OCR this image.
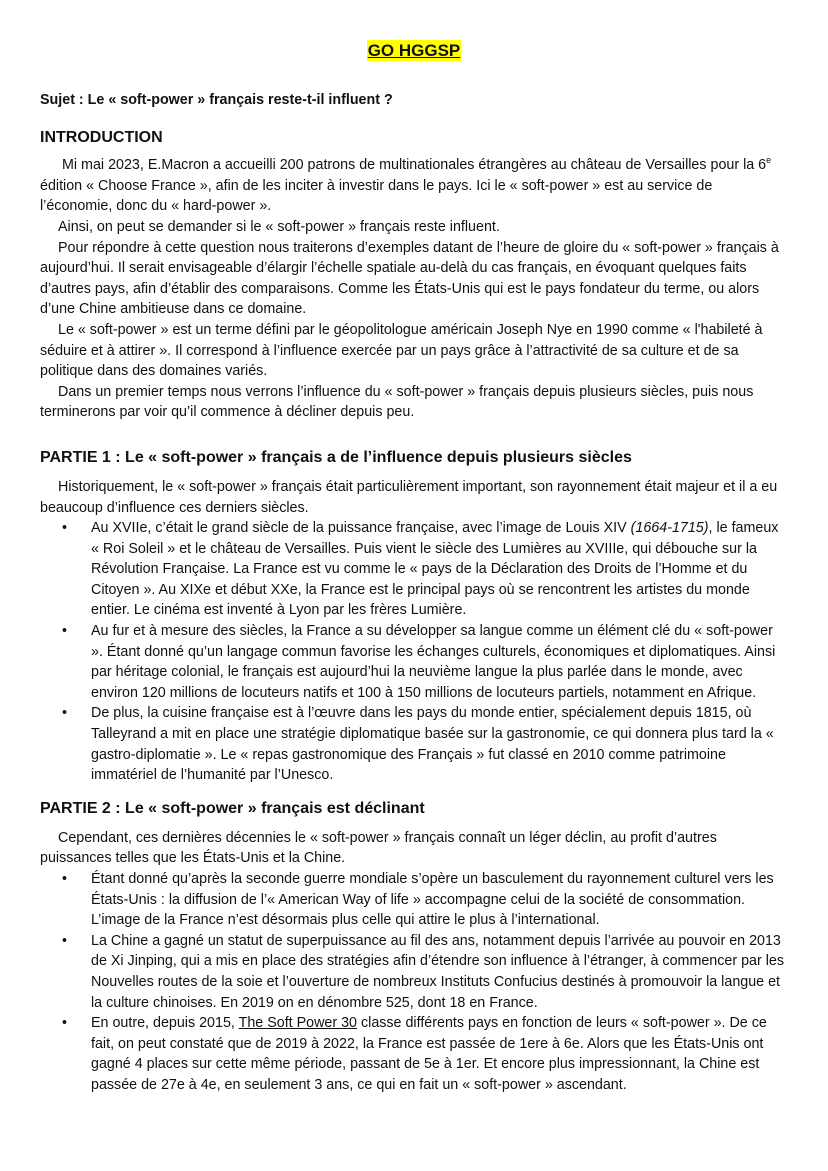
GO HGGSP

Sujet : Le « soft-power » français reste-t-il influent ?

INTRODUCTION

Mi mai 2023, E.Macron a accueilli 200 patrons de multinationales étrangères au château de Versailles pour la 6e édition « Choose France », afin de les inciter à investir dans le pays. Ici le « soft-power » est au service de l’économie, donc du « hard-power ».

Ainsi, on peut se demander si le « soft-power » français reste influent.

Pour répondre à cette question nous traiterons d’exemples datant de l’heure de gloire du « soft-power » français à aujourd’hui. Il serait envisageable d’élargir l’échelle spatiale au-delà du cas français, en évoquant quelques faits d’autres pays, afin d’établir des comparaisons. Comme les États-Unis qui est le pays fondateur du terme, ou alors d’une Chine ambitieuse dans ce domaine.

Le « soft-power » est un terme défini par le géopolitologue américain Joseph Nye en 1990 comme « l'habileté à séduire et à attirer ». Il correspond à l’influence exercée par un pays grâce à l’attractivité de sa culture et de sa politique dans des domaines variés.

Dans un premier temps nous verrons l’influence du « soft-power » français depuis plusieurs siècles, puis nous terminerons par voir qu’il commence à décliner depuis peu.

PARTIE 1 : Le « soft-power » français a de l’influence depuis plusieurs siècles

Historiquement, le « soft-power » français était particulièrement important, son rayonnement était majeur et il a eu beaucoup d’influence ces derniers siècles.

• Au XVIIe, c’était le grand siècle de la puissance française, avec l’image de Louis XIV (1664-1715), le fameux « Roi Soleil » et le château de Versailles. Puis vient le siècle des Lumières au XVIIIe, qui débouche sur la Révolution Française. La France est vu comme le « pays de la Déclaration des Droits de l’Homme et du Citoyen ». Au XIXe et début XXe, la France est le principal pays où se rencontrent les artistes du monde entier. Le cinéma est inventé à Lyon par les frères Lumière.
• Au fur et à mesure des siècles, la France a su développer sa langue comme un élément clé du « soft-power ». Étant donné qu’un langage commun favorise les échanges culturels, économiques et diplomatiques. Ainsi par héritage colonial, le français est aujourd’hui la neuvième langue la plus parlée dans le monde, avec environ 120 millions de locuteurs natifs et 100 à 150 millions de locuteurs partiels, notamment en Afrique.
• De plus, la cuisine française est à l’œuvre dans les pays du monde entier, spécialement depuis 1815, où Talleyrand a mit en place une stratégie diplomatique basée sur la gastronomie, ce qui donnera plus tard la « gastro-diplomatie ». Le « repas gastronomique des Français » fut classé en 2010 comme patrimoine immatériel de l’humanité par l’Unesco.
PARTIE 2 : Le « soft-power » français est déclinant

Cependant, ces dernières décennies le « soft-power » français connaît un léger déclin, au profit d’autres puissances telles que les États-Unis et la Chine.

• Étant donné qu’après la seconde guerre mondiale s’opère un basculement du rayonnement culturel vers les États-Unis : la diffusion de l’« American Way of life » accompagne celui de la société de consommation. L’image de la France n’est désormais plus celle qui attire le plus à l’international.
• La Chine a gagné un statut de superpuissance au fil des ans, notamment depuis l’arrivée au pouvoir en 2013 de Xi Jinping, qui a mis en place des stratégies afin d’étendre son influence à l’étranger, à commencer par les Nouvelles routes de la soie et l’ouverture de nombreux Instituts Confucius destinés à promouvoir la langue et la culture chinoises. En 2019 on en dénombre 525, dont 18 en France.
• En outre, depuis 2015, The Soft Power 30 classe différents pays en fonction de leurs « soft-power ». De ce fait, on peut constaté que de 2019 à 2022, la France est passée de 1ere à 6e. Alors que les États-Unis ont gagné 4 places sur cette même période, passant de 5e à 1er. Et encore plus impressionnant, la Chine est passée de 27e à 4e, en seulement 3 ans, ce qui en fait un « soft-power » ascendant.
